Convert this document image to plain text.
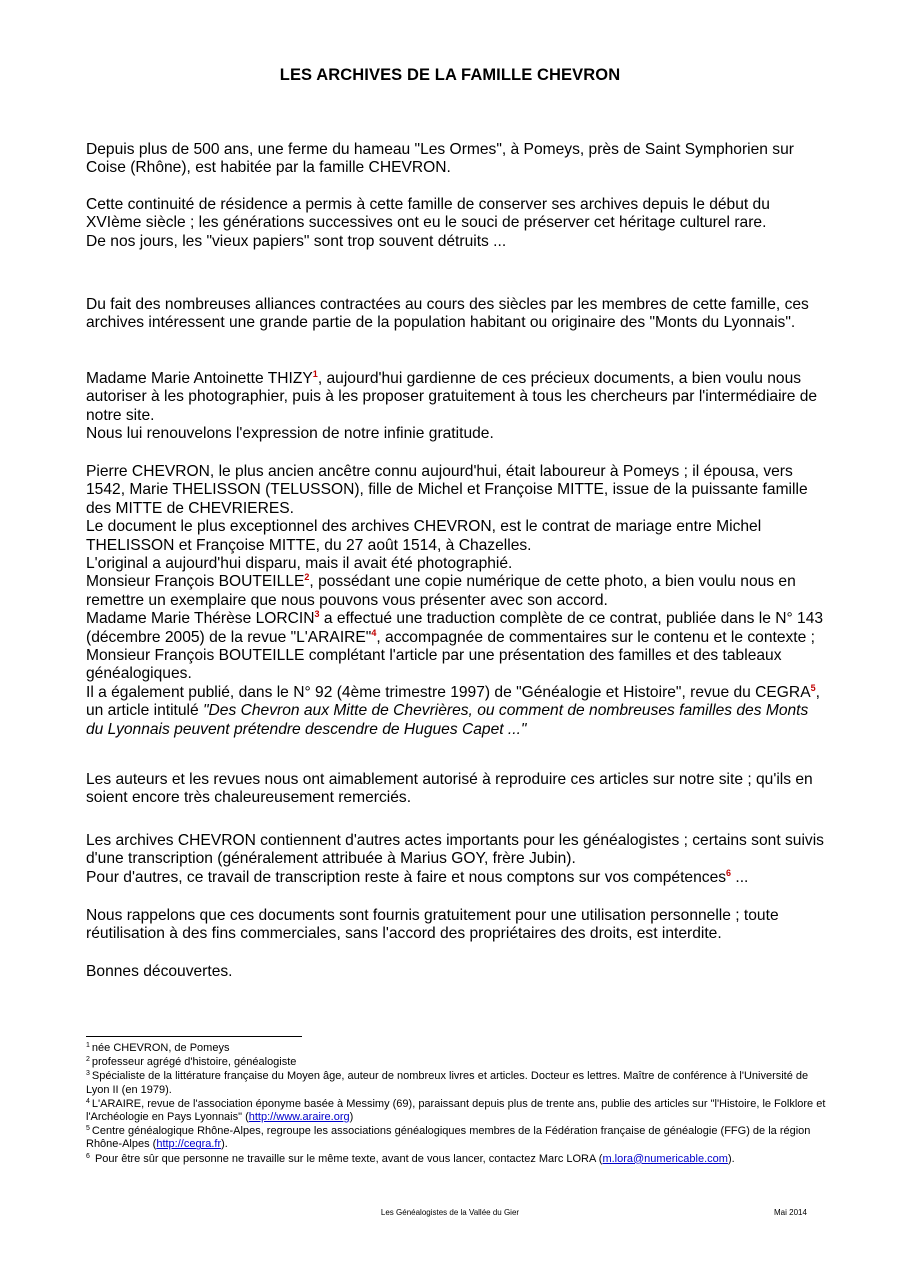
LES ARCHIVES DE LA FAMILLE CHEVRON

Depuis plus de 500 ans, une ferme du hameau "Les Ormes", à Pomeys, près de Saint Symphorien sur Coise (Rhône), est habitée par la famille CHEVRON.

Cette continuité de résidence a permis à cette famille de conserver ses archives depuis le début du XVIème siècle ; les générations successives ont eu le souci de préserver cet héritage culturel rare.

De nos jours, les "vieux papiers" sont trop souvent détruits ...

Du fait des nombreuses alliances contractées au cours des siècles par les membres de cette famille, ces archives intéressent une grande partie de la population habitant ou originaire des "Monts du Lyonnais".

Madame Marie Antoinette THIZY$^1$, aujourd'hui gardienne de ces précieux documents, a bien voulu nous autoriser à les photographier, puis à les proposer gratuitement à tous les chercheurs par l'intermédiaire de notre site.

Nous lui renouvelons l'expression de notre infinie gratitude.

Pierre CHEVRON, le plus ancien ancêtre connu aujourd'hui, était laboureur à Pomeys ; il épousa, vers 1542, Marie THELISSON (TELUSSON), fille de Michel et Françoise MITTE, issue de la puissante famille des MITTE de CHEVRIERES.

Le document le plus exceptionnel des archives CHEVRON, est le contrat de mariage entre Michel THELISSON et Françoise MITTE, du 27 août 1514, à Chazelles.

L'original a aujourd'hui disparu, mais il avait été photographié.

Monsieur François BOUTEILLE$^2$, possédant une copie numérique de cette photo, a bien voulu nous en remettre un exemplaire que nous pouvons vous présenter avec son accord.

Madame Marie Thérèse LORCIN$^3$ a effectué une traduction complète de ce contrat, publiée dans le N° 143 (décembre 2005) de la revue "L'ARAIRE"$^4$, accompagnée de commentaires sur le contenu et le contexte ; Monsieur François BOUTEILLE complétant l'article par une présentation des familles et des tableaux généalogiques.

Il a également publié, dans le N° 92 (4ème trimestre 1997) de "Généalogie et Histoire", revue du CEGRA$^5$, un article intitulé "Des Chevron aux Mitte de Chevrières, ou comment de nombreuses familles des Monts du Lyonnais peuvent prétendre descendre de Hugues Capet ..."

Les auteurs et les revues nous ont aimablement autorisé à reproduire ces articles sur notre site ; qu'ils en soient encore très chaleureusement remerciés.

Les archives CHEVRON contiennent d'autres actes importants pour les généalogistes ; certains sont suivis d'une transcription (généralement attribuée à Marius GOY, frère Jubin).

Pour d'autres, ce travail de transcription reste à faire et nous comptons sur vos compétences$^6$ ...

Nous rappelons que ces documents sont fournis gratuitement pour une utilisation personnelle ; toute réutilisation à des fins commerciales, sans l'accord des propriétaires des droits, est interdite.

Bonnes découvertes.

$^1$ née CHEVRON, de Pomeys
$^2$ professeur agrégé d'histoire, généalogiste
$^3$ Spécialiste de la littérature française du Moyen âge, auteur de nombreux livres et articles. Docteur es lettres. Maître de conférence à l'Université de Lyon II (en 1979).
$^4$ L'ARAIRE, revue de l'association éponyme basée à Messimy (69), paraissant depuis plus de trente ans, publie des articles sur "l'Histoire, le Folklore et l'Archéologie en Pays Lyonnais" (http://www.araire.org)
$^5$ Centre généalogique Rhône-Alpes, regroupe les associations généalogiques membres de la Fédération française de généalogie (FFG) de la région Rhône-Alpes (http://cegra.fr).
$^6$ Pour être sûr que personne ne travaille sur le même texte, avant de vous lancer, contactez Marc LORA (m.lora@numericable.com).
Les Généalogistes de la Vallée du Gier	Mai 2014
